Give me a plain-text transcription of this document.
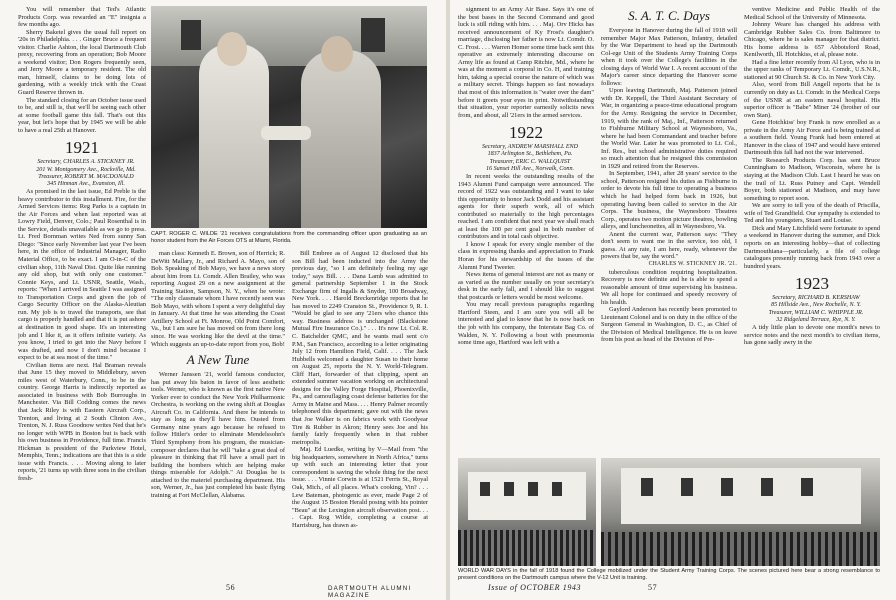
You will remember that Ted's Atlantic Products Corp. was rewarded an "E" insignia a few months ago.

Sherry Baketel gives the usual full report on '20s in Philadelphia. . . . Ginger Bruce a frequent visitor. Charlie Ashton, the local Dartmouth Club prexy, recovering from an operation; Bob Moore a weekend visitor; Don Rogers frequently seen, and Jerry Moore a temporary resident. The old man, himself, claims to be doing lots of gardening, with a weekly trick with the Coast Guard Reserve thrown in.

The standard closing for an October issue used to be, and still is, that we'll be seeing each other at some football game this fall. That's out this year, but let's hope that by 1945 we will be able to have a real 25th at Hanover.

1921

Secretary, CHARLES A. STICKNEY JR.

201 W. Montgomery Ave., Rockville, Md.

Treasurer, ROBERT M. MACDONALD

345 Hinman Ave., Evanston, Ill.

As promised in the last issue, Ed Preble is the heavy contributor to this installment. Fire, for the Armed Services items: Reg Parks is a captain in the Air Forces and when last reported was at Lowry Field, Denver, Colo.; Paul Rosenthal is in the Service, details unavailable as we go to press. Lt. Fred Bornman writes Ned from sunny San Diego: "Since early November last year I've been here, in the office of Industrial Manager, Radio Material Office, to be exact. I am O-in-C of the civilian shop, 11th Naval Dist. Quite like running any old shop, but with only one customer." Connie Keys, and Lt. USNR, Seattle, Wash., reports: "When I arrived in Seattle I was assigned to Transportation Corps and given the job of Cargo Security Officer on the Alaska-Aleutian run. My job is to travel the transports, see that cargo is properly handled and that it is put ashore at destination in good shape. It's an interesting job and I like it, as it offers infinite variety. As you know, I tried to get into the Navy before I was drafted, and now I don't mind because I expect to be at sea most of the time."

Civilian items are next. Hal Braman reveals that June 15 they moved to Middlebury, seven miles west of Waterbury, Conn., to be in the country. George Harris is indirectly reported as associated in business with Bob Burroughs in Manchester. Via Bill Codding comes the news that Jack Riley is with Eastern Aircraft Corp., Trenton, and living at 2 South Clinton Ave., Trenton, N. J. Russ Goodnow writes Ned that he's no longer with WPB in Boston but is back with his own business in Providence, full time. Francis Hickman is president of the Parkview Hotel, Memphis, Tenn.; indications are that this is a side issue with Francis. . . . Moving along to later reports, '21 turns up with three sons in the civilian fresh-

CAPT. ROGER C. WILDE '21 receives congratulations from the commanding officer upon graduating as an honor student from the Air Forces OTS at Miami, Florida.

man class: Kenneth E. Brown, son of Herrick; R. DeWitt Mallary, Jr., and Richard A. Mayo, son of Bob. Speaking of Bob Mayo, we have a news story about him from Lt. Comdr. Allen Brailey, who was reporting August 29 on a new assignment at the Training Station, Sampson, N. Y., when he wrote: "The only classmate whom I have recently seen was Bob Mayo, with whom I spent a very delightful day in January. At that time he was attending the Coast Artillery School at Ft. Monroe, Old Point Comfort, Va., but I am sure he has moved on from there long since. He was working like the devil at the time." Which suggests an up-to-date report from you, Bob!

A New Tune

Werner Janssen '21, world famous conductor, has put away his baton in favor of less aesthetic tools. Werner, who is known as the first native New Yorker ever to conduct the New York Philharmonic Orchestra, is working on the swing shift at Douglas Aircraft Co. in California. And there he intends to stay as long as they'll have him. Ousted from Germany nine years ago because he refused to follow Hitler's order to eliminate Mendelssohn's Third Symphony from his program, the musician-composer declares that he will "take a great deal of pleasure in thinking that I'll have a small part in building the bombers which are helping make things miserable for Adolph." At Douglas he is attached to the materiel purchasing department. His son, Werner, Jr., has just completed his basic flying training at Fort McClellan, Alabama.

Bill Embree as of August 12 disclosed that his son Bill had been inducted into the Army the previous day, "so I am definitely feeling my age today," says Bill. . . . Dana Lamb was admitted to general partnership September 1 in the Stock Exchange firm of Ingalls & Snyder, 100 Broadway, New York. . . . Harold Breckenridge reports that he has moved to 2249 Cranston St., Providence 9, R. I. "Would be glad to see any '21ers who chance this way. Business address is unchanged (Blackstone Mutual Fire Insurance Co.)." . . . It's now Lt. Col. R. C. Batchelder QMC, and he wants mail sent c/o P.M., San Francisco, according to a letter originating July 12 from Hamilton Field, Calif. . . . The Jack Hubbells welcomed a daughter Susan to their home on August 25, reports the N. Y. World-Telegram. Cliff Hart, forwarder of that clipping, spent an extended summer vacation working on architectural designs for the Valley Forge Hospital, Phoenixville, Pa., and camouflaging coast defense batteries for the Army in Maine and Mass. . . . Henry Palmer recently telephoned this department; gave out with the news that Joe Walker is on fabrics work with Goodyear Tire & Rubber in Akron; Henry sees Joe and his family fairly frequently when in that rubber metropolis.

Maj. Ed Luedke, writing by V—Mail from "the big headquarters, somewhere in North Africa," turns up with such an interesting letter that your correspondent is saving the whole thing for the next issue. . . . Vinnie Corwin is at 1521 Ferris St., Royal Oak, Mich., of all places. What's cooking, Vin? . . . Lew Bateman, photogenic as ever, made Page 2 of the August 15 Boston Herald posing with his pointer "Beau" at the Lexington aircraft observation post. . . . Capt. Rog Wilde, completing a course at Harrisburg, has drawn as-

56	DARTMOUTH ALUMNI MAGAZINE

signment to an Army Air Base. Says it's one of the best bases in the Second Command and good luck is still riding with him. . . . Maj. Orv Hicks has received announcement of Ky Frost's daughter's marriage, disclosing her father is now Lt. Comdr. O. C. Frost. . . . Warren Homer some time back sent this operative an extremely interesting discourse on Army life as found at Camp Ritchie, Md., where he was at the moment a corporal in Co. H, and training him, taking a special course the nature of which was a military secret. Things happen so fast nowadays that most of this information is "water over the dam" before it greets your eyes in print. Notwithstanding that situation, your reporter earnestly solicits news from, and about, all '21ers in the armed services.

1922

Secretary, ANDREW MARSHALL END

1837 Arlington St., Bethlehem, Pa.

Treasurer, ERIC C. WALLQUIST

16 Sunset Hill Ave., Norwalk, Conn.

In recent weeks the outstanding results of the 1943 Alumni Fund campaign were announced. The record of 1922 was outstanding and I want to take this opportunity to honor Jack Dodd and his assistant agents for their superb work, all of which contributed so materially to the high percentages reached. I am confident that next year we shall reach at least the 100 per cent goal in both number of contributors and in total cash objective.

I know I speak for every single member of the class in expressing thanks and appreciation to Frank Horan for his stewardship of the issues of the Alumni Fund Tweeter.

News items of general interest are not as many or as varied as the number usually on your secretary's desk in the early fall, and I should like to suggest that postcards or letters would be most welcome.

You may recall previous paragraphs regarding Hartford Steen, and I am sure you will all be interested and glad to know that he is now back on the job with his company, the Interstate Bag Co. of Walden, N. Y. Following a bout with pneumonia some time ago, Hartford was left with a

S. A. T. C. Days

Everyone in Hanover during the fall of 1918 will remember Major Max Patterson, Infantry, detailed by the War Department to head up the Dartmouth Col-ege Unit of the Students Army Training Corps when it took over the College's facilities in the closing days of World War I. A recent account of the Major's career since departing the Hanover scene follows:

Upon leaving Dartmouth, Maj. Patterson joined with Dr. Keppell, the Third Assistant Secretary of War, in organizing a peace-time educational program for the Army. Resigning the service in December, 1919, with the rank of Maj., Inf., Patterson returned to Fishburne Military School at Waynesboro, Va., where he had been Commandant and teacher before the World War. Later he was promoted to Lt. Col., Inf. Res., but school administrative duties required so much attention that he resigned this commission in 1929 and retired from the Reserves.

In September, 1941, after 28 years' service to the school, Patterson resigned his duties as Fishburne in order to devote his full time to operating a business which he had helped form back in 1926, but operating having been called to service in the Air Corps. The business, the Waynesboro Theatres Corp., operates two motion picture theatres, bowling alleys, and luncheonettes, all in Waynesboro, Va.

Anent the current war, Patterson says: "They don't seem to want me in the service, too old, I guess. At any rate, I am here, ready, whenever the powers that be, say the word."

CHARLES W. STICKNEY JR. '21.

tuberculous condition requiring hospitalization. Recovery is now definite and he is able to spend a reasonable amount of time supervising his business. We all hope for continued and speedy recovery of his health.

Gaylord Anderson has recently been promoted to Lieutenant Colonel and is on duty in the office of the Surgeon General in Washington, D. C., as Chief of the Division of Medical Intelligence. He is on leave from his post as head of the Division of Pre-

ventive Medicine and Public Health of the Medical School of the University of Minnesota.

Johnny Weare has changed his address with Cambridge Rubber Sales Co. from Baltimore to Chicago, where he is sales manager for that district. His home address is 657 Abbotsford Road, Kenilworth, Ill. Hotchkiss, et al, please note.

Had a fine letter recently from Al Lyon, who is in the upper ranks of Temporary Lt. Comdr., U.S.N.R., stationed at 90 Church St. & Co. in New York City.

Also, word from Bill Angell reports that he is currently on duty as Lt. Comdr. in the Medical Corps of the USNR at an eastern naval hospital. His superior officer is "Babe" Miner '24 (brother of our own Stan).

Gene Hotchkiss' boy Frank is now enrolled as a private in the Army Air Force and is being trained at a southern field. Young Frank had been entered at Hanover in the class of 1947 and would have entered Dartmouth this fall had not the war intervened.

The Research Products Corp. has sent Bruce Cunningham to Madison, Wisconsin, where he is staying at the Madison Club. Last I heard he was on the trail of Lt. Russ Putney and Capt. Wendell Boyer, both stationed at Madison, and may have something to report soon.

We are sorry to tell you of the death of Priscilla, wife of Ted Grandfield. Our sympathy is extended to Ted and his youngsters, Stuart and Louise.

Dick and Mary Litchfield were fortunate to spend a weekend in Hanover during the summer, and Dick reports on an interesting hobby—that of collecting Dartmouthiana—particularly, a file of college catalogues presently running back from 1943 over a hundred years.

1923

Secretary, RICHARD B. KERSHAW

85 Hillside Ave., New Rochelle, N. Y.

Treasurer, WILLIAM C. WHIPPLE JR.

32 Ridgeland Terrace, Rye, N. Y.

A tidy little plan to devote one month's news to service notes and the next month's to civilian items, has gone sadly awry in the

WORLD WAR DAYS in the fall of 1918 found the College mobilized under the Student Army Training Corps. The scenes pictured here bear a strong resemblance to present conditions on the Dartmouth campus where the V-12 Unit is training.
Issue of OCTOBER 1943	57
